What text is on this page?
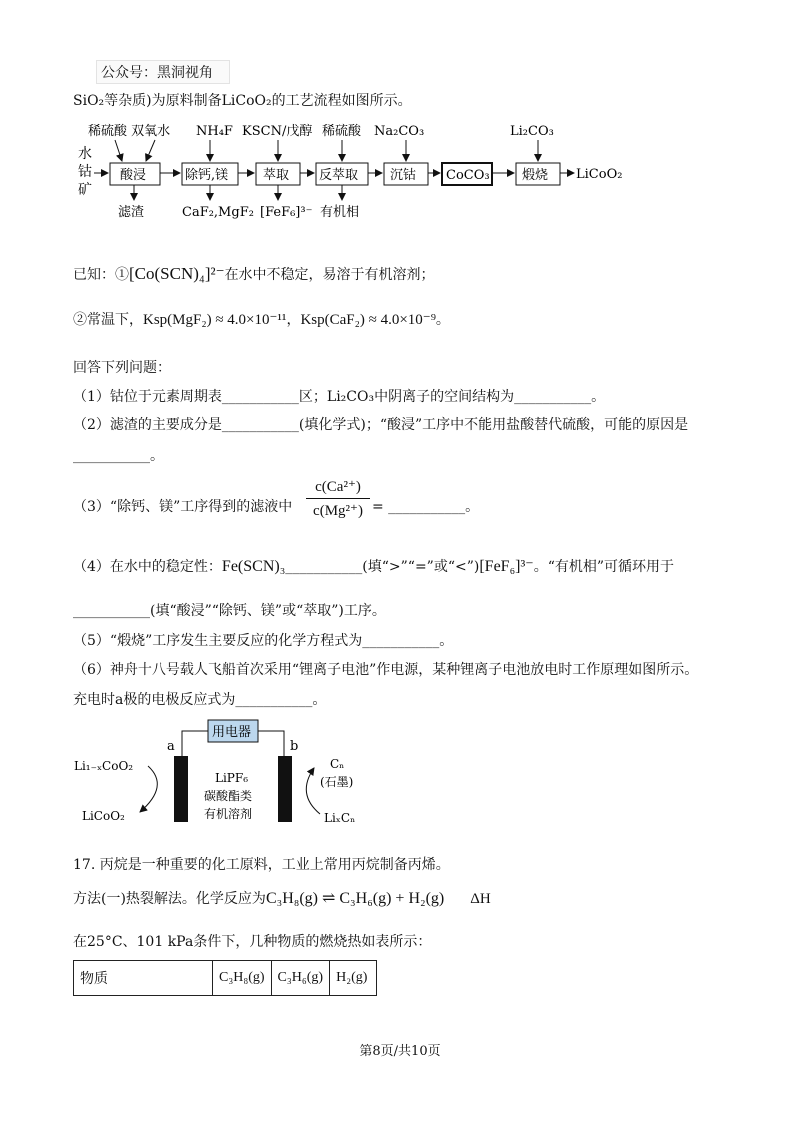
公众号：黑洞视角
SiO₂等杂质)为原料制备LiCoO₂的工艺流程如图所示。
水
钴
矿
酸浸	除钙,镁	萃取 反萃取 沉钴 CoCO₃ 煅烧 LiCoO₂
稀硫酸 双氧水 NH₄F KSCN/戊醇 稀硫酸 Na₂CO₃	Li₂CO₃
滤渣	CaF₂,MgF₂ [FeF₆]³⁻ 有机相
已知：①[Co(SCN)₄]²⁻在水中不稳定，易溶于有机溶剂；
②常温下，Ksp(MgF₂) ≈ 4.0×10⁻¹¹，Ksp(CaF₂) ≈ 4.0×10⁻⁹。
回答下列问题：
（1）钴位于元素周期表___________区；Li₂CO₃中阴离子的空间结构为___________。
（2）滤渣的主要成分是___________(填化学式)；“酸浸”工序中不能用盐酸替代硫酸，可能的原因是
___________。
（3）“除钙、镁”工序得到的滤液中 $\frac{\text{c(Ca²⁺)}}{\text{c(Mg²⁺)}}$ = ___________。
（4）在水中的稳定性：Fe(SCN)₃___________(填“>”“=”或“<”)[FeF₆]³⁻。“有机相”可循环用于
___________(填“酸浸”“除钙、镁”或“萃取”)工序。
（5）“煅烧”工序发生主要反应的化学方程式为___________。
（6）神舟十八号载人飞船首次采用“锂离子电池”作电源，某种锂离子电池放电时工作原理如图所示。
充电时a极的电极反应式为___________。
用电器
a	b
LiPF₆
碳酸酯类
有机溶剂
Li₁₋ₓCoO₂
LiCoO₂
Cₙ
(石墨)
LiₓCₙ
17. 丙烷是一种重要的化工原料，工业上常用丙烷制备丙烯。
方法(一)热裂解法。化学反应为C₃H₈(g) ⇌ C₃H₆(g) + H₂(g) ΔH
在25°C、101 kPa条件下，几种物质的燃烧热如表所示：
物质	C₃H₈(g)	C₃H₆(g)	H₂(g)
第8页/共10页
